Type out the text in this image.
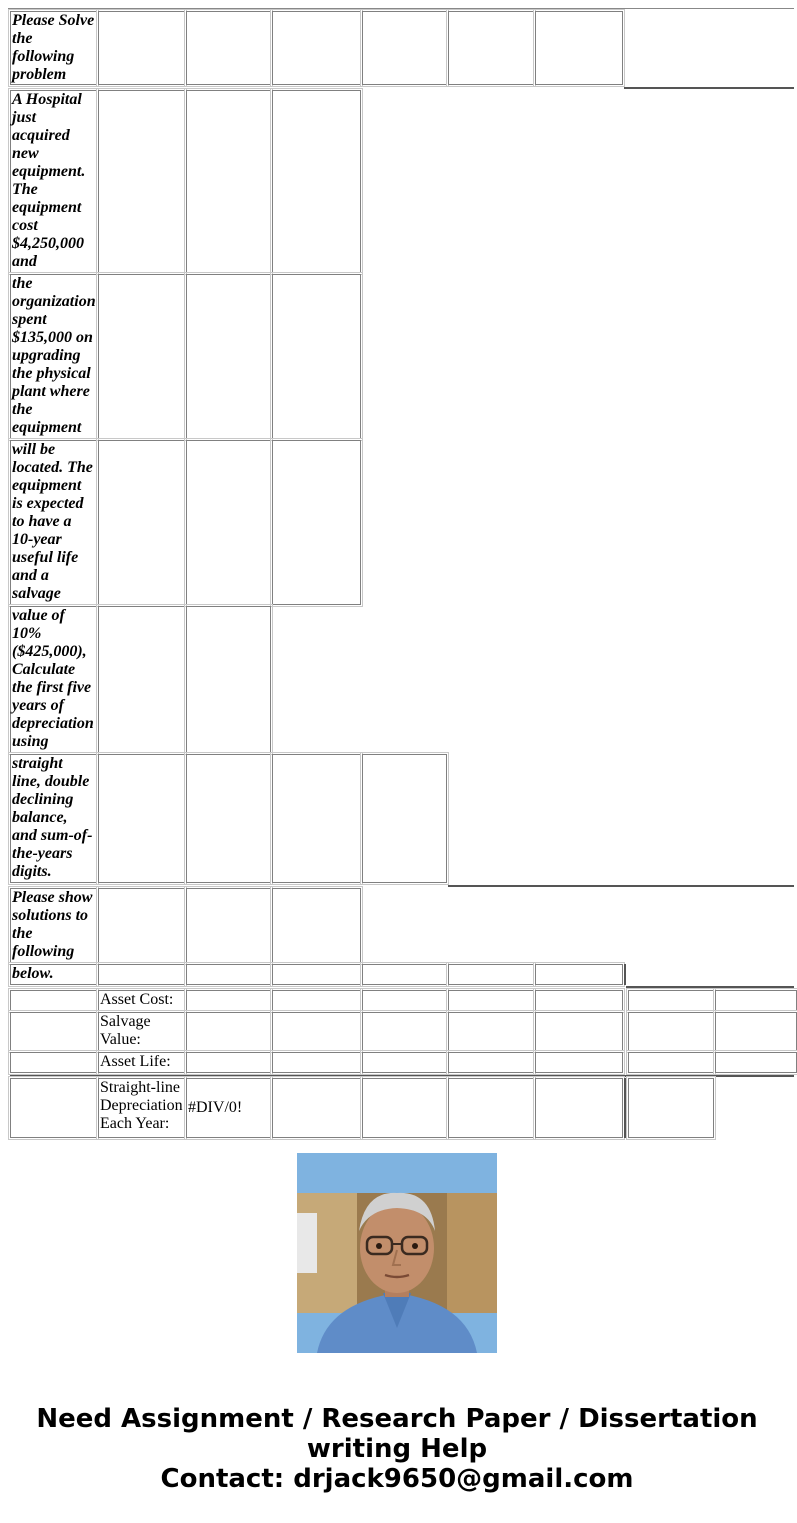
Please Solve the following problem
A Hospital just acquired new equipment. The equipment cost $4,250,000 and
the organization spent $135,000 on upgrading the physical plant where the equipment
will be located. The equipment is expected to have a 10-year useful life and a salvage
value of 10% ($425,000), Calculate the first five years of depreciation using
straight line, double declining balance, and sum-of-the-years digits.
Please show solutions to the following
below.
Asset Cost:
Salvage Value:
Asset Life:
Straight-line Depreciation Each Year:
#DIV/0!
Need Assignment / Research Paper / Dissertation
writing Help
Contact: drjack9650@gmail.com
